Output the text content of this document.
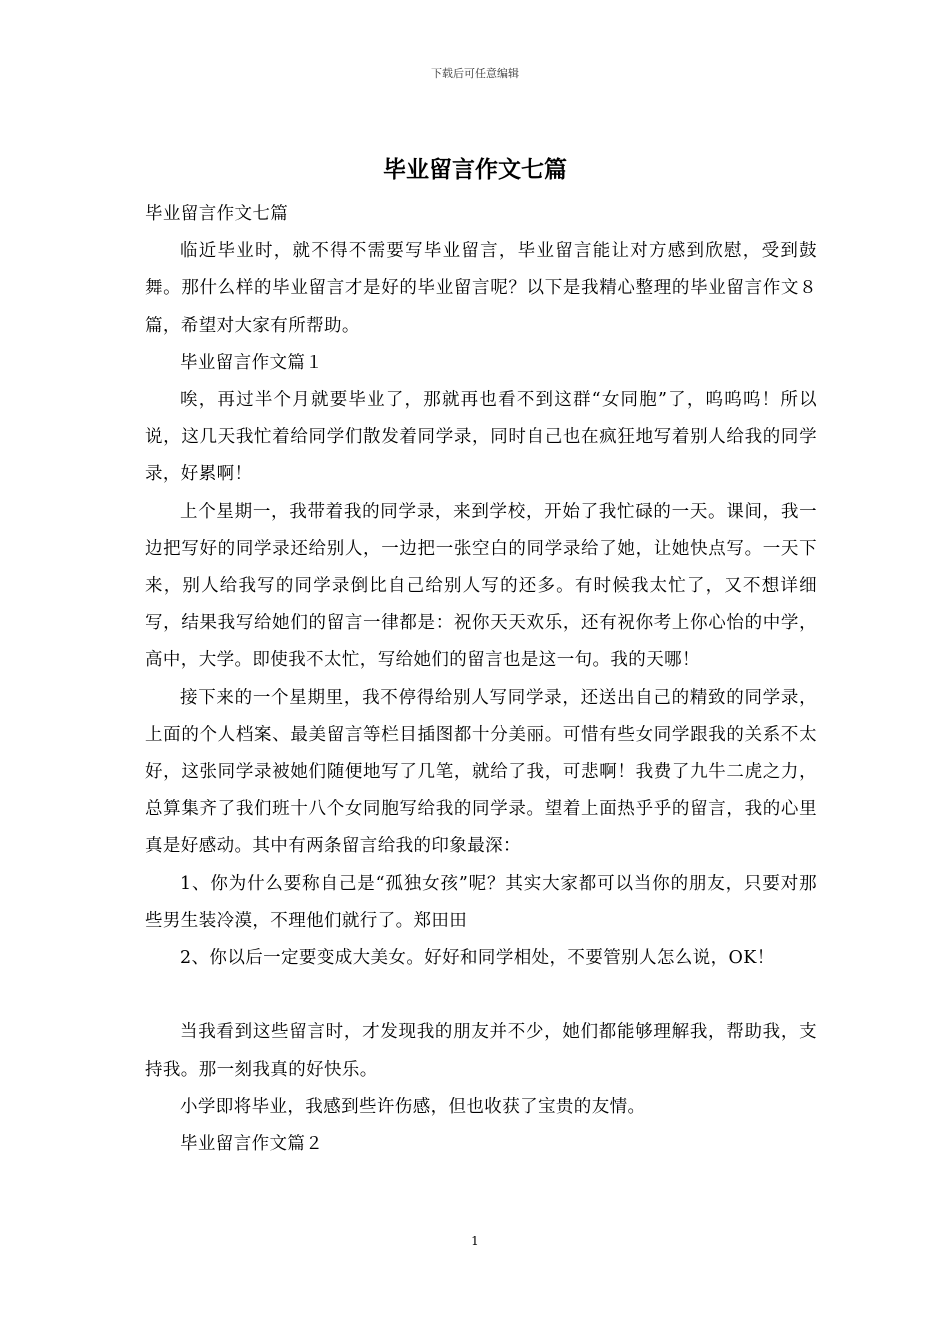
下载后可任意编辑
毕业留言作文七篇

毕业留言作文七篇

临近毕业时，就不得不需要写毕业留言，毕业留言能让对方感到欣慰，受到鼓舞。那什么样的毕业留言才是好的毕业留言呢？以下是我精心整理的毕业留言作文８篇，希望对大家有所帮助。

毕业留言作文篇１

唉，再过半个月就要毕业了，那就再也看不到这群“女同胞”了，呜呜呜！所以说，这几天我忙着给同学们散发着同学录，同时自己也在疯狂地写着别人给我的同学录，好累啊！

上个星期一，我带着我的同学录，来到学校，开始了我忙碌的一天。课间，我一边把写好的同学录还给别人，一边把一张空白的同学录给了她，让她快点写。一天下来，别人给我写的同学录倒比自己给别人写的还多。有时候我太忙了，又不想详细写，结果我写给她们的留言一律都是：祝你天天欢乐，还有祝你考上你心怡的中学，高中，大学。即使我不太忙，写给她们的留言也是这一句。我的天哪！

接下来的一个星期里，我不停得给别人写同学录，还送出自己的精致的同学录，上面的个人档案、最美留言等栏目插图都十分美丽。可惜有些女同学跟我的关系不太好，这张同学录被她们随便地写了几笔，就给了我，可悲啊！我费了九牛二虎之力，总算集齐了我们班十八个女同胞写给我的同学录。望着上面热乎乎的留言，我的心里真是好感动。其中有两条留言给我的印象最深：

1、你为什么要称自己是“孤独女孩”呢？其实大家都可以当你的朋友，只要对那些男生装冷漠，不理他们就行了。郑田田

2、你以后一定要变成大美女。好好和同学相处，不要管别人怎么说，OK！

当我看到这些留言时，才发现我的朋友并不少，她们都能够理解我，帮助我，支持我。那一刻我真的好快乐。

小学即将毕业，我感到些许伤感，但也收获了宝贵的友情。

毕业留言作文篇２

1
